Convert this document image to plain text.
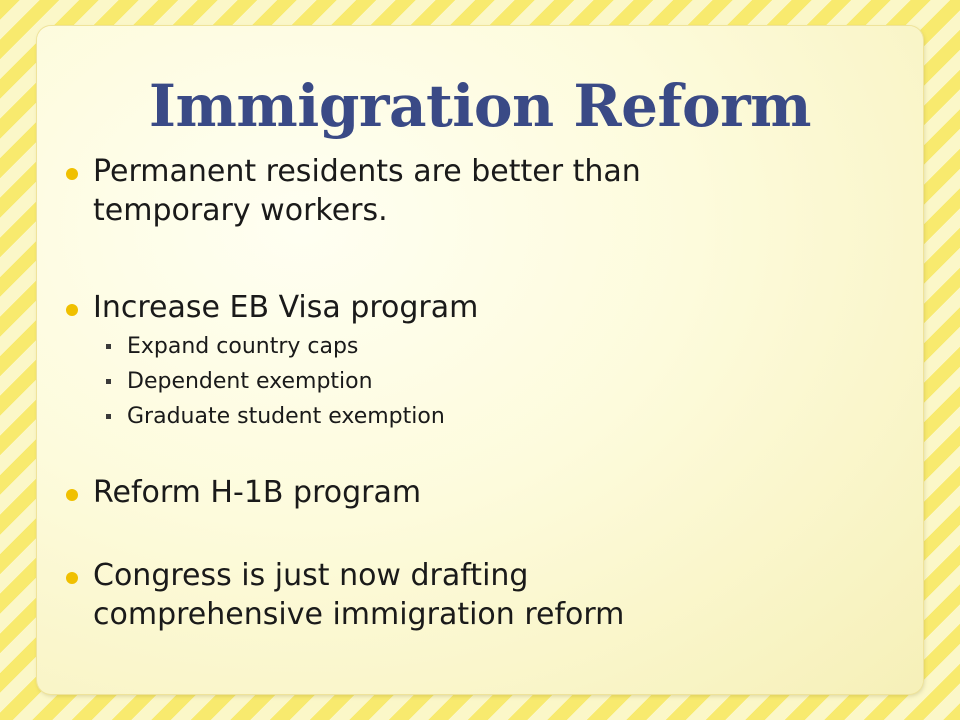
Immigration Reform
Permanent residents are better than
temporary workers.
Increase EB Visa program
Expand country caps
Dependent exemption
Graduate student exemption
Reform H-1B program
Congress is just now drafting
comprehensive immigration reform
